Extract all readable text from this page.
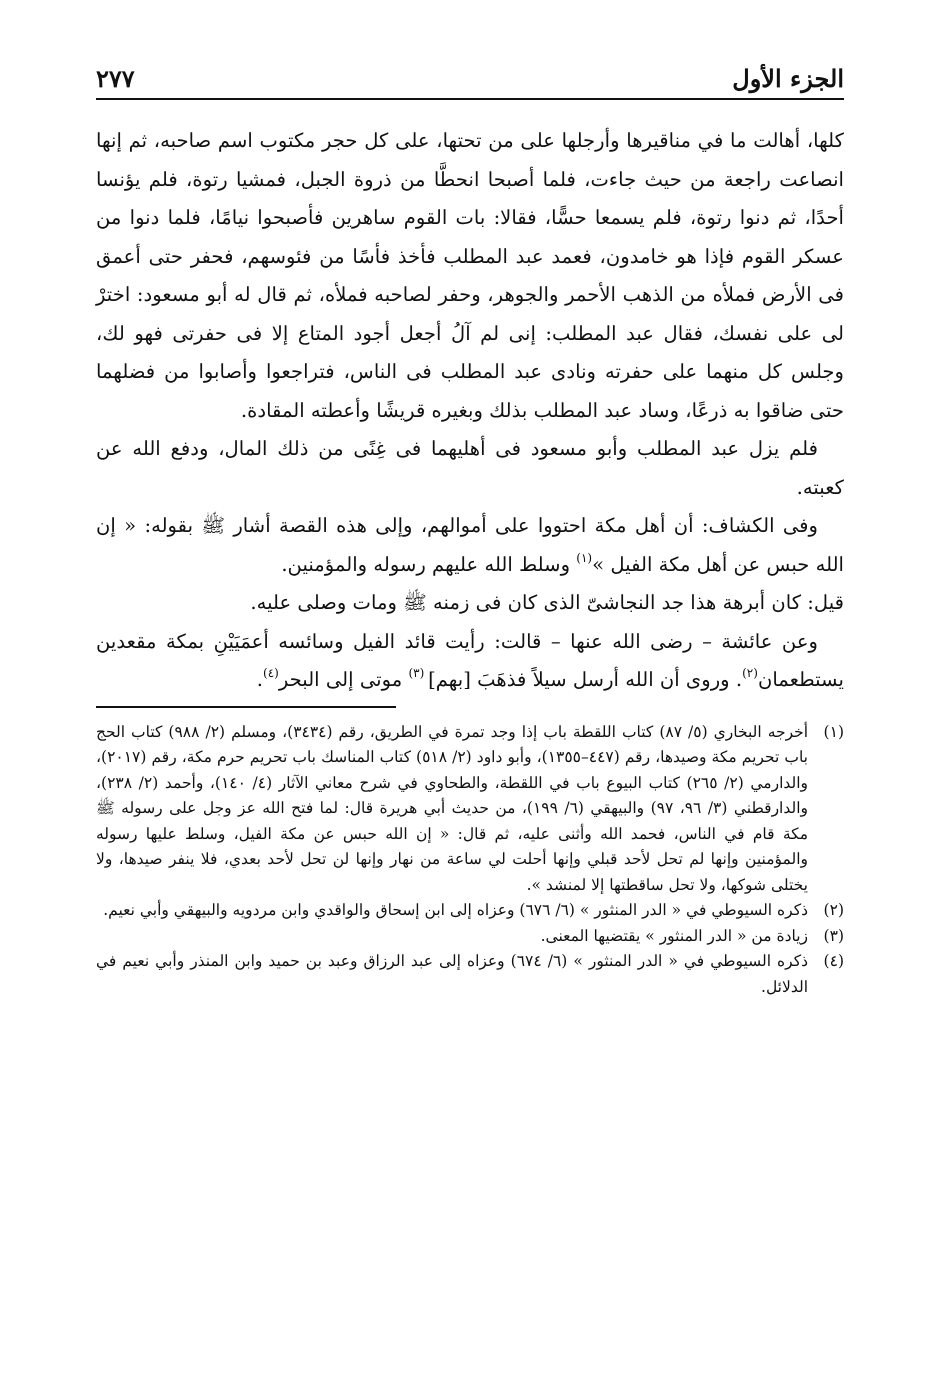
الجزء الأول
٢٧٧

كلها، أهالت ما في مناقيرها وأرجلها على من تحتها، على كل حجر مكتوب اسم صاحبه، ثم إنها انصاعت راجعة من حيث جاءت، فلما أصبحا انحطَّا من ذروة الجبل، فمشيا رتوة، فلم يؤنسا أحدًا، ثم دنوا رتوة، فلم يسمعا حسًّا، فقالا: بات القوم ساهرين فأصبحوا نيامًا، فلما دنوا من عسكر القوم فإذا هو خامدون، فعمد عبد المطلب فأخذ فأسًا من فئوسهم، فحفر حتى أعمق فى الأرض فملأه من الذهب الأحمر والجوهر، وحفر لصاحبه فملأه، ثم قال له أبو مسعود: اخترْ لى على نفسك، فقال عبد المطلب: إنى لم آلُ أجعل أجود المتاع إلا فى حفرتى فهو لك، وجلس كل منهما على حفرته ونادى عبد المطلب فى الناس، فتراجعوا وأصابوا من فضلهما حتى ضاقوا به ذرعًا، وساد عبد المطلب بذلك وبغيره قريشًا وأعطته المقادة.

فلم يزل عبد المطلب وأبو مسعود فى أهليهما فى غِنًى من ذلك المال، ودفع الله عن كعبته.

وفى الكشاف: أن أهل مكة احتووا على أموالهم، وإلى هذه القصة أشار ﷺ بقوله: « إن الله حبس عن أهل مكة الفيل »$^{(١)}$ وسلط الله عليهم رسوله والمؤمنين.

قيل: كان أبرهة هذا جد النجاشىّ الذى كان فى زمنه ﷺ ومات وصلى عليه.

وعن عائشة – رضى الله عنها – قالت: رأيت قائد الفيل وسائسه أعمَيَيْنِ بمكة مقعدين يستطعمان$^{(٢)}$. وروى أن الله أرسل سيلاً فذهَبَ [بهم] $^{(٣)}$ موتى إلى البحر$^{(٤)}$.

(١)
أخرجه البخاري (٥/ ٨٧) كتاب اللقطة باب إذا وجد تمرة في الطريق، رقم (٣٤٣٤)، ومسلم (٢/ ٩٨٨) كتاب الحج باب تحريم مكة وصيدها، رقم (٤٤٧–١٣٥٥)، وأبو داود (٢/ ٥١٨) كتاب المناسك باب تحريم حرم مكة، رقم (٢٠١٧)، والدارمي (٢/ ٢٦٥) كتاب البيوع باب في اللقطة، والطحاوي في شرح معاني الآثار (٤/ ١٤٠)، وأحمد (٢/ ٢٣٨)، والدارقطني (٣/ ٩٦، ٩٧) والبيهقي (٦/ ١٩٩)، من حديث أبي هريرة قال: لما فتح الله عز وجل على رسوله ﷺ مكة قام في الناس، فحمد الله وأثنى عليه، ثم قال: « إن الله حبس عن مكة الفيل، وسلط عليها رسوله والمؤمنين وإنها لم تحل لأحد قبلي وإنها أحلت لي ساعة من نهار وإنها لن تحل لأحد بعدي، فلا ينفر صيدها، ولا يختلى شوكها، ولا تحل ساقطتها إلا لمنشد ».
(٢)
ذكره السيوطي في « الدر المنثور » (٦/ ٦٧٦) وعزاه إلى ابن إسحاق والواقدي وابن مردويه والبيهقي وأبي نعيم.
(٣)
زيادة من « الدر المنثور » يقتضيها المعنى.
(٤)
ذكره السيوطي في « الدر المنثور » (٦/ ٦٧٤) وعزاه إلى عبد الرزاق وعبد بن حميد وابن المنذر وأبي نعيم في الدلائل.
